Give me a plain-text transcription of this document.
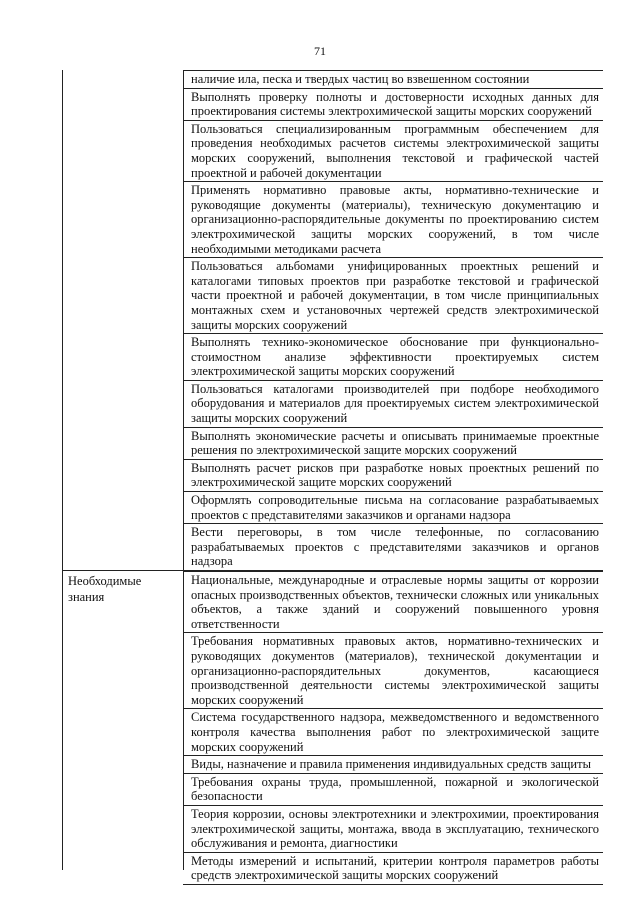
71
Необходимые знания
наличие ила, песка и твердых частиц во взвешенном состоянии
Выполнять проверку полноты и достоверности исходных данных для проектирования системы электрохимической защиты морских сооружений
Пользоваться специализированным программным обеспечением для проведения необходимых расчетов системы электрохимической защиты морских сооружений, выполнения текстовой и графической частей проектной и рабочей документации
Применять нормативно правовые акты, нормативно-технические и руководящие документы (материалы), техническую документацию и организационно-распорядительные документы по проектированию систем электрохимической защиты морских сооружений, в том числе необходимыми методиками расчета
Пользоваться альбомами унифицированных проектных решений и каталогами типовых проектов при разработке текстовой и графической части проектной и рабочей документации, в том числе принципиальных монтажных схем и установочных чертежей средств электрохимической защиты морских сооружений
Выполнять технико-экономическое обоснование при функционально-стоимостном анализе эффективности проектируемых систем электрохимической защиты морских сооружений
Пользоваться каталогами производителей при подборе необходимого оборудования и материалов для проектируемых систем электрохимической защиты морских сооружений
Выполнять экономические расчеты и описывать принимаемые проектные решения по электрохимической защите морских сооружений
Выполнять расчет рисков при разработке новых проектных решений по электрохимической защите морских сооружений
Оформлять сопроводительные письма на согласование разрабатываемых проектов с представителями заказчиков и органами надзора
Вести переговоры, в том числе телефонные, по согласованию разрабатываемых проектов с представителями заказчиков и органов надзора
Национальные, международные и отраслевые нормы защиты от коррозии опасных производственных объектов, технически сложных или уникальных объектов, а также зданий и сооружений повышенного уровня ответственности
Требования нормативных правовых актов, нормативно-технических и руководящих документов (материалов), технической документации и организационно-распорядительных документов, касающиеся производственной деятельности системы электрохимической защиты морских сооружений
Система государственного надзора, межведомственного и ведомственного контроля качества выполнения работ по электрохимической защите морских сооружений
Виды, назначение и правила применения индивидуальных средств защиты
Требования охраны труда, промышленной, пожарной и экологической безопасности
Теория коррозии, основы электротехники и электрохимии, проектирования электрохимической защиты, монтажа, ввода в эксплуатацию, технического обслуживания и ремонта, диагностики
Методы измерений и испытаний, критерии контроля параметров работы средств электрохимической защиты морских сооружений
